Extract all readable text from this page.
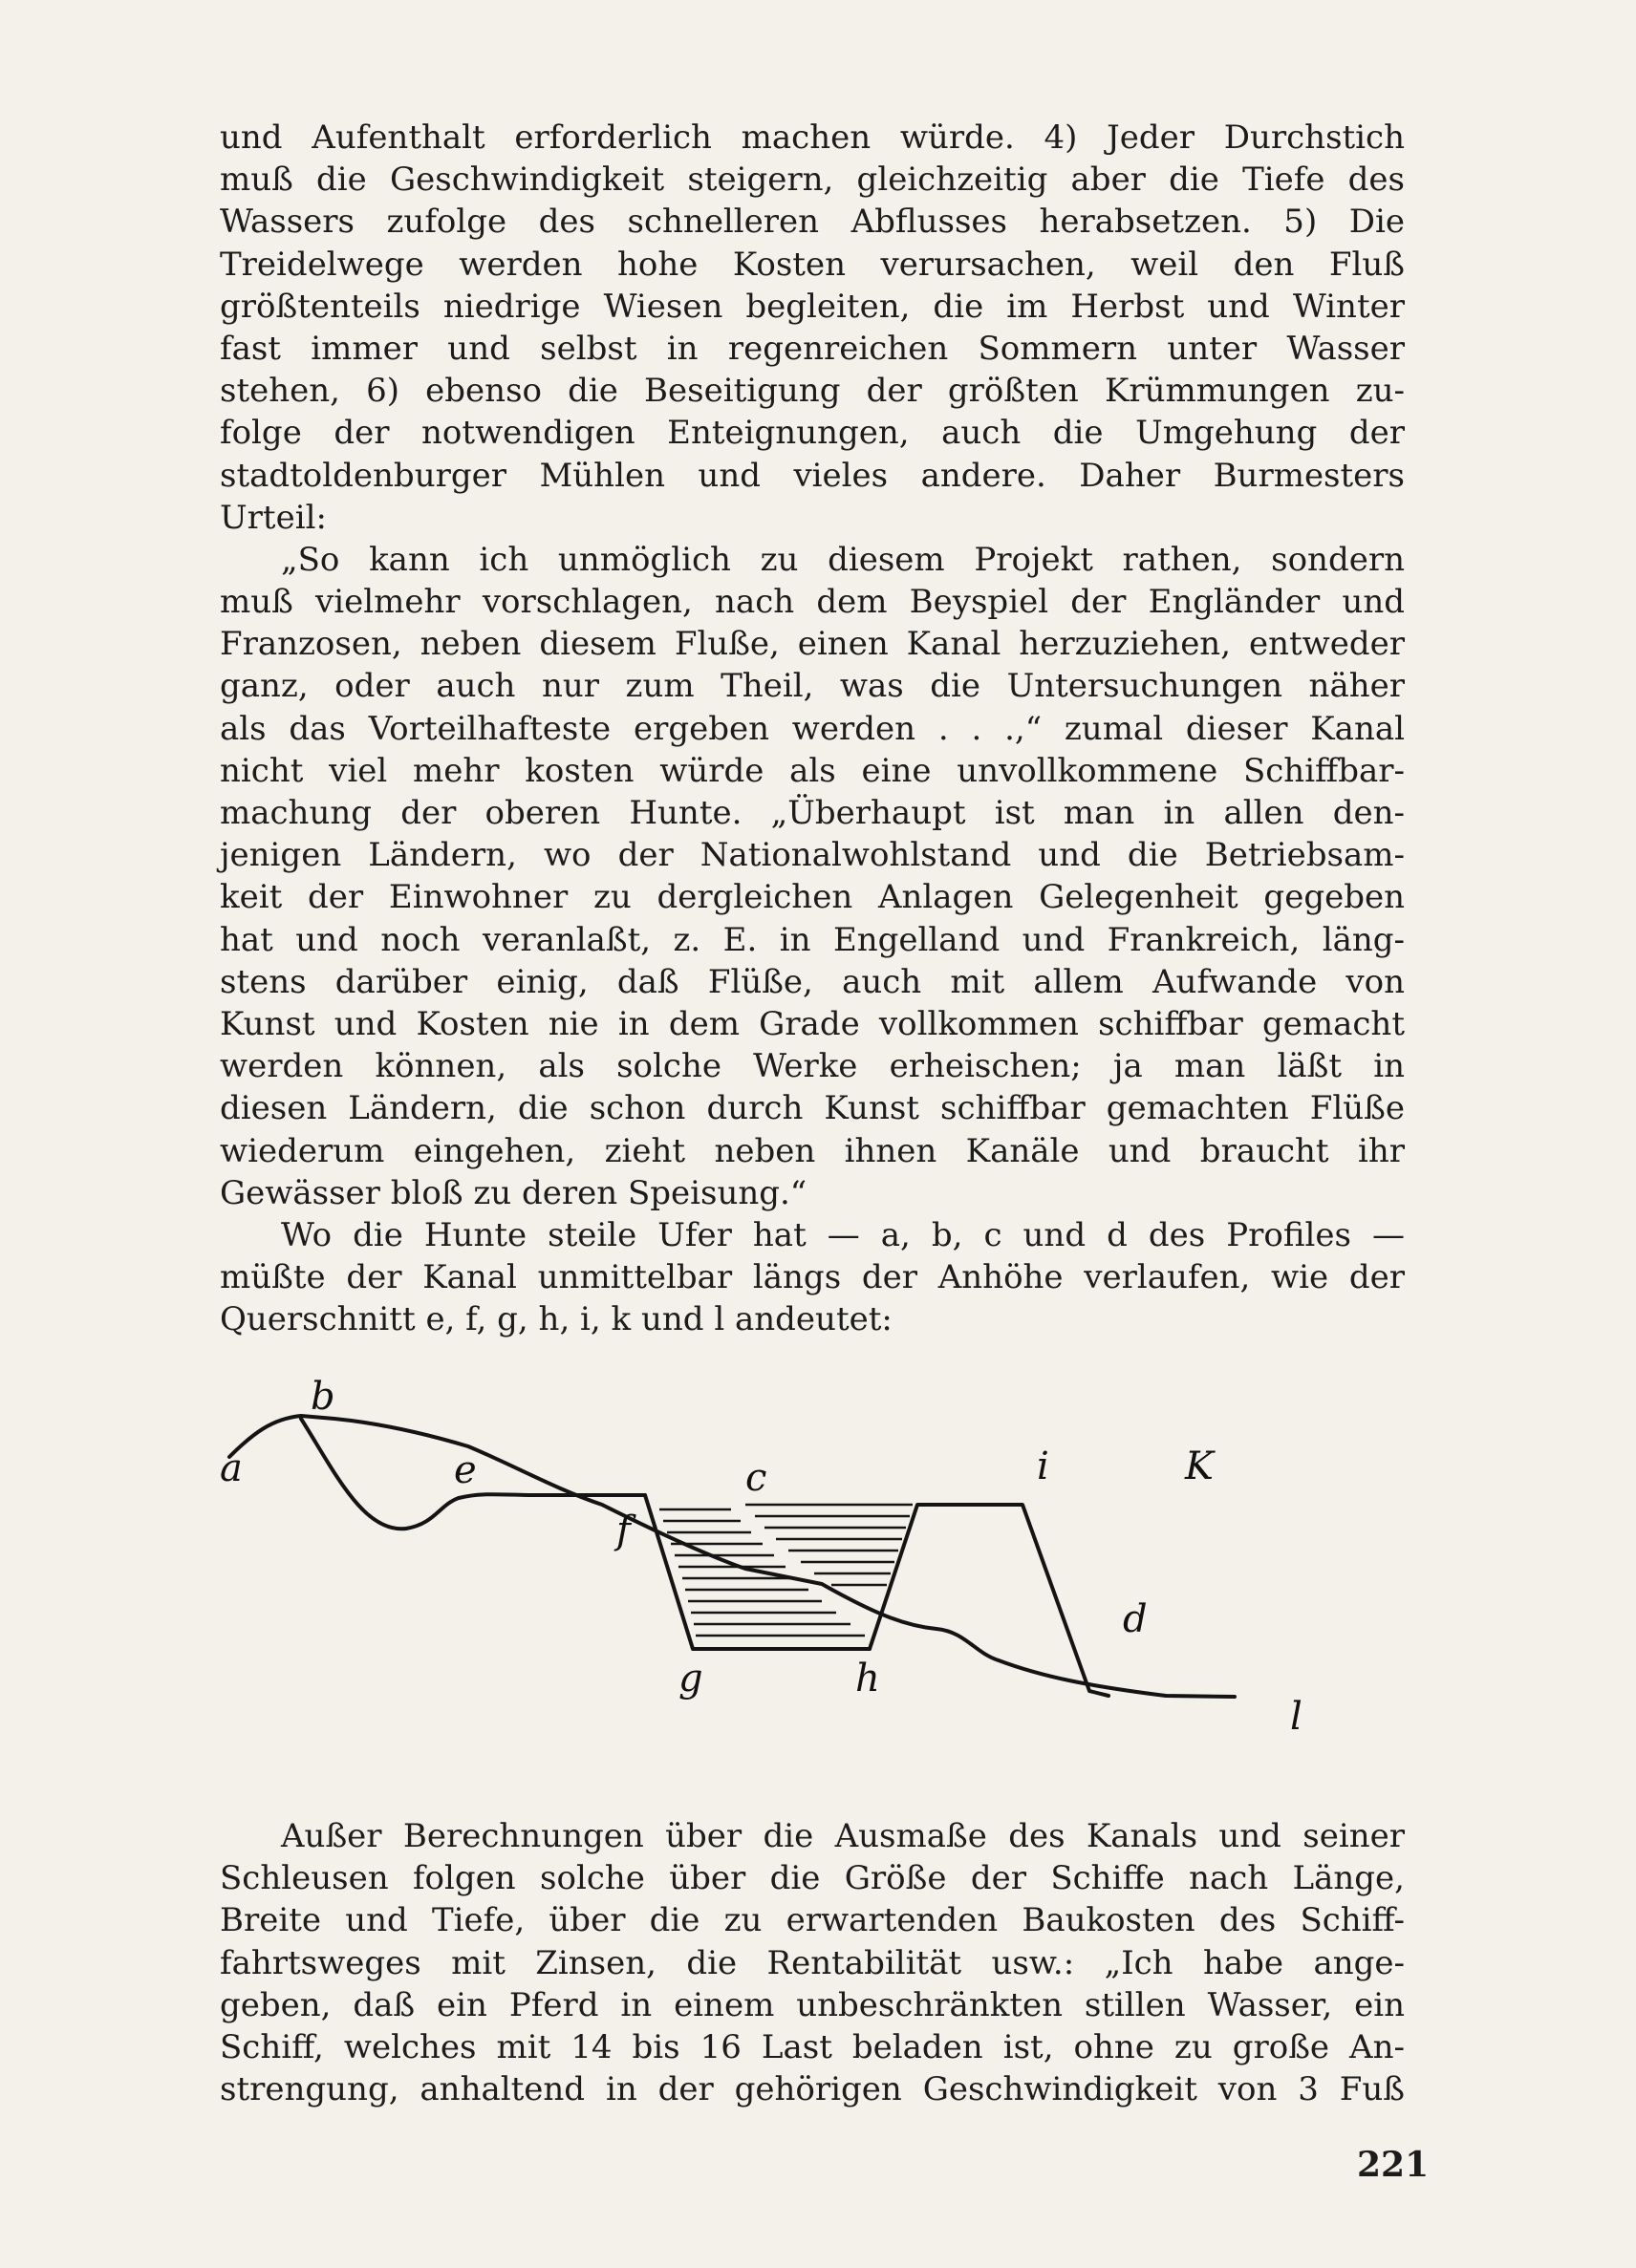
und Aufenthalt erforderlich machen würde. 4) Jeder Durchstich
muß die Geschwindigkeit steigern, gleichzeitig aber die Tiefe des
Wassers zufolge des schnelleren Abflusses herabsetzen. 5) Die
Treidelwege werden hohe Kosten verursachen, weil den Fluß
größtenteils niedrige Wiesen begleiten, die im Herbst und Winter
fast immer und selbst in regenreichen Sommern unter Wasser
stehen, 6) ebenso die Beseitigung der größten Krümmungen zu-
folge der notwendigen Enteignungen, auch die Umgehung der
stadtoldenburger Mühlen und vieles andere. Daher Burmesters
Urteil:
„So kann ich unmöglich zu diesem Projekt rathen, sondern
muß vielmehr vorschlagen, nach dem Beyspiel der Engländer und
Franzosen, neben diesem Fluße, einen Kanal herzuziehen, entweder
ganz, oder auch nur zum Theil, was die Untersuchungen näher
als das Vorteilhafteste ergeben werden . . .,“ zumal dieser Kanal
nicht viel mehr kosten würde als eine unvollkommene Schiffbar-
machung der oberen Hunte. „Überhaupt ist man in allen den-
jenigen Ländern, wo der Nationalwohlstand und die Betriebsam-
keit der Einwohner zu dergleichen Anlagen Gelegenheit gegeben
hat und noch veranlaßt, z. E. in Engelland und Frankreich, läng-
stens darüber einig, daß Flüße, auch mit allem Aufwande von
Kunst und Kosten nie in dem Grade vollkommen schiffbar gemacht
werden können, als solche Werke erheischen; ja man läßt in
diesen Ländern, die schon durch Kunst schiffbar gemachten Flüße
wiederum eingehen, zieht neben ihnen Kanäle und braucht ihr
Gewässer bloß zu deren Speisung.“
Wo die Hunte steile Ufer hat — a, b, c und d des Profiles —
müßte der Kanal unmittelbar längs der Anhöhe verlaufen, wie der
Querschnitt e, f, g, h, i, k und l andeutet:
a
b
c
d
e
f
g	h
i	K
l
Außer Berechnungen über die Ausmaße des Kanals und seiner
Schleusen folgen solche über die Größe der Schiffe nach Länge,
Breite und Tiefe, über die zu erwartenden Baukosten des Schiff-
fahrtsweges mit Zinsen, die Rentabilität usw.: „Ich habe ange-
geben, daß ein Pferd in einem unbeschränkten stillen Wasser, ein
Schiff, welches mit 14 bis 16 Last beladen ist, ohne zu große An-
strengung, anhaltend in der gehörigen Geschwindigkeit von 3 Fuß
221
